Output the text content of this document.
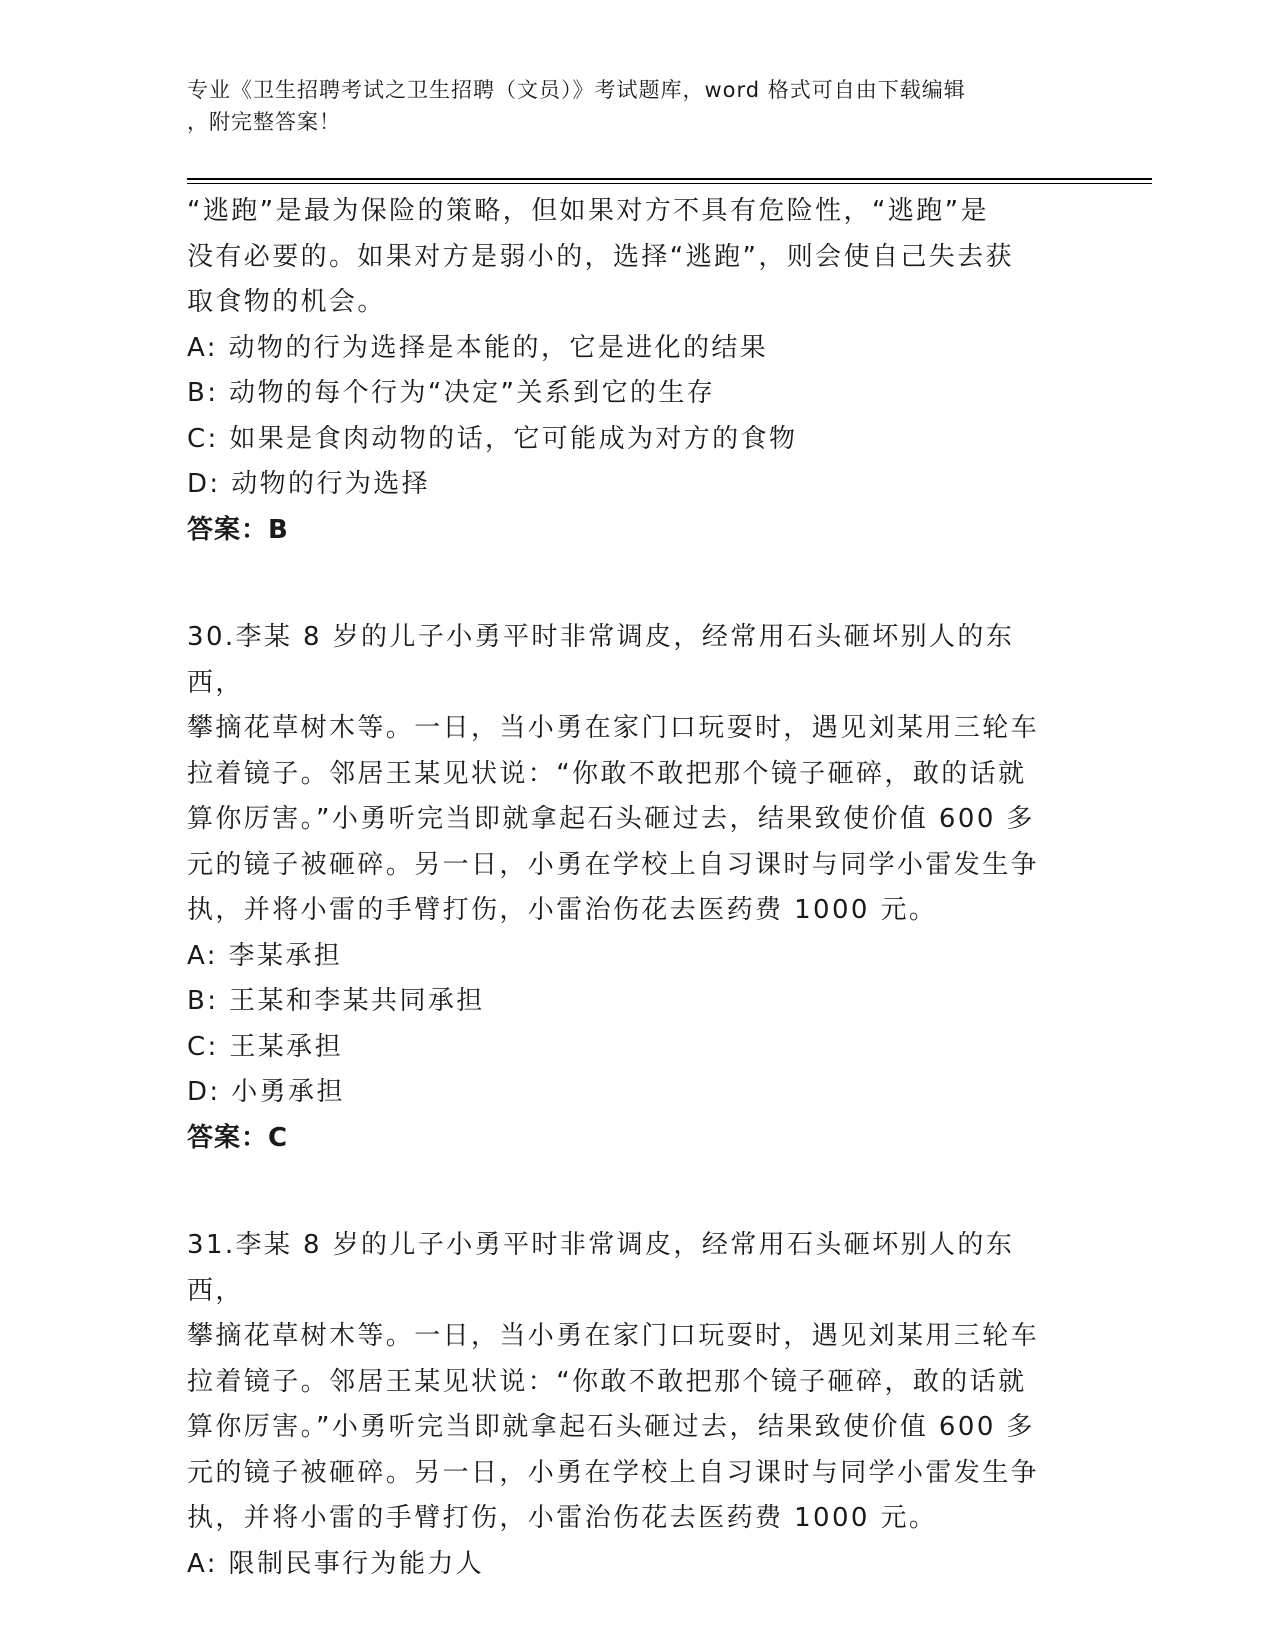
专业《卫生招聘考试之卫生招聘（文员）》考试题库，word 格式可自由下载编辑
，附完整答案！

“逃跑”是最为保险的策略，但如果对方不具有危险性，“逃跑”是

没有必要的。如果对方是弱小的，选择“逃跑”，则会使自己失去获

取食物的机会。

A: 动物的行为选择是本能的，它是进化的结果

B: 动物的每个行为“决定”关系到它的生存

C: 如果是食肉动物的话，它可能成为对方的食物

D: 动物的行为选择

答案：B

30.李某 8 岁的儿子小勇平时非常调皮，经常用石头砸坏别人的东西，

攀摘花草树木等。一日，当小勇在家门口玩耍时，遇见刘某用三轮车

拉着镜子。邻居王某见状说：“你敢不敢把那个镜子砸碎，敢的话就

算你厉害。”小勇听完当即就拿起石头砸过去，结果致使价值 600 多

元的镜子被砸碎。另一日，小勇在学校上自习课时与同学小雷发生争

执，并将小雷的手臂打伤，小雷治伤花去医药费 1000 元。

A: 李某承担

B: 王某和李某共同承担

C: 王某承担

D: 小勇承担

答案：C

31.李某 8 岁的儿子小勇平时非常调皮，经常用石头砸坏别人的东西，

攀摘花草树木等。一日，当小勇在家门口玩耍时，遇见刘某用三轮车

拉着镜子。邻居王某见状说：“你敢不敢把那个镜子砸碎，敢的话就

算你厉害。”小勇听完当即就拿起石头砸过去，结果致使价值 600 多

元的镜子被砸碎。另一日，小勇在学校上自习课时与同学小雷发生争

执，并将小雷的手臂打伤，小雷治伤花去医药费 1000 元。

A: 限制民事行为能力人
